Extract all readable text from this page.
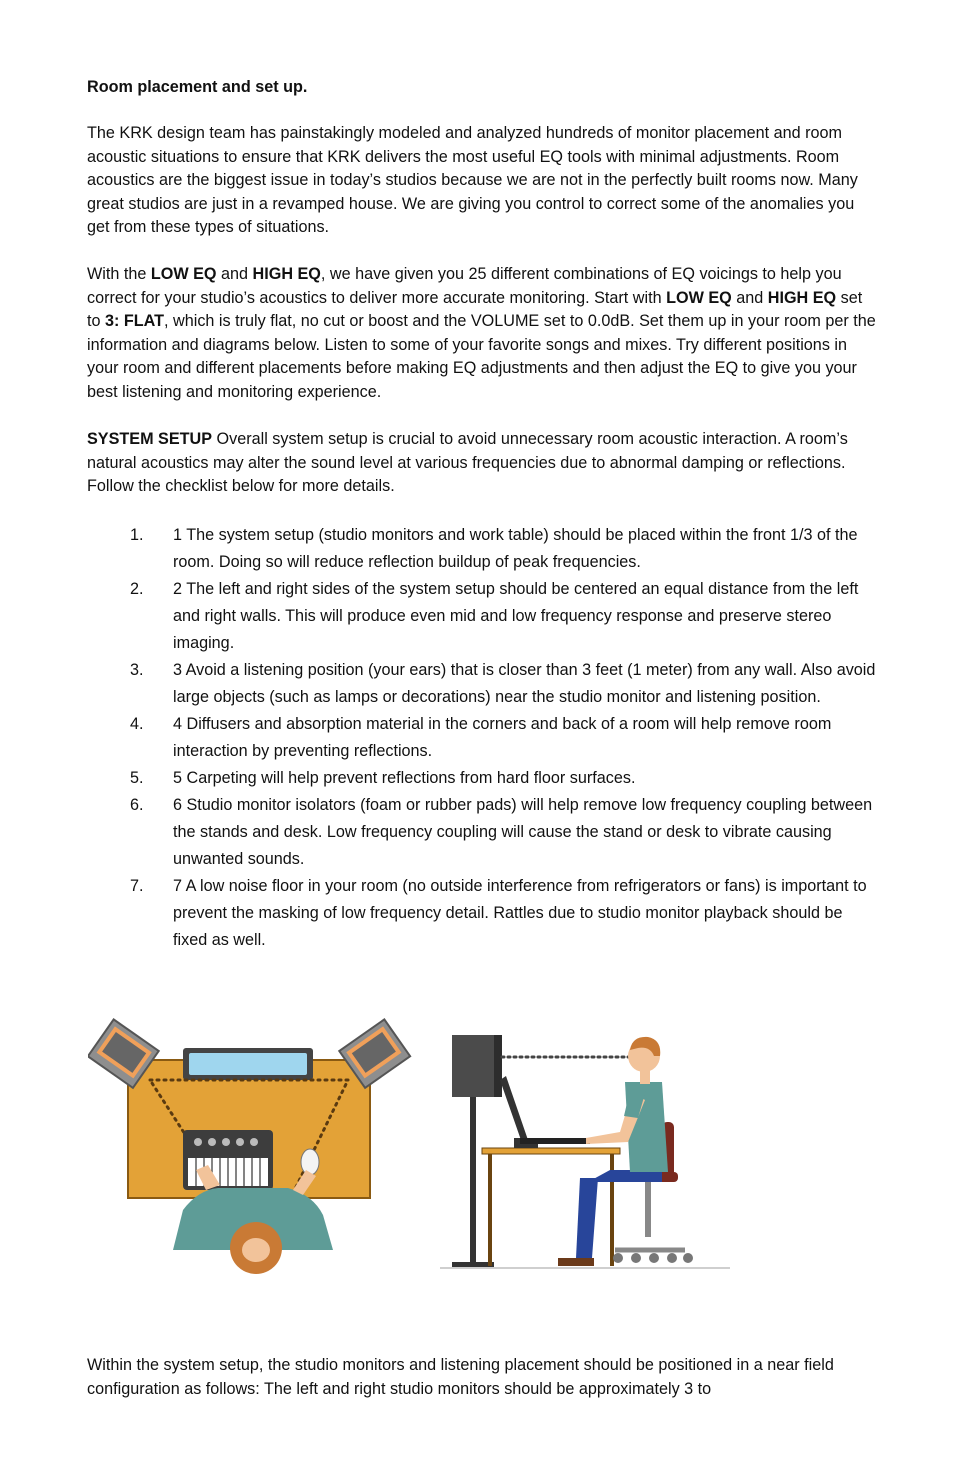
Room placement and set up.
The KRK design team has painstakingly modeled and analyzed hundreds of monitor placement and room acoustic situations to ensure that KRK delivers the most useful EQ tools with minimal adjustments. Room acoustics are the biggest issue in today’s studios because we are not in the perfectly built rooms now. Many great studios are just in a revamped house. We are giving you control to correct some of the anomalies you get from these types of situations.
With the LOW EQ and HIGH EQ, we have given you 25 different combinations of EQ voicings to help you correct for your studio’s acoustics to deliver more accurate monitoring. Start with LOW EQ and HIGH EQ set to 3: FLAT, which is truly flat, no cut or boost and the VOLUME set to 0.0dB. Set them up in your room per the information and diagrams below. Listen to some of your favorite songs and mixes. Try different positions in your room and different placements before making EQ adjustments and then adjust the EQ to give you your best listening and monitoring experience.
SYSTEM SETUP Overall system setup is crucial to avoid unnecessary room acoustic interaction. A room’s natural acoustics may alter the sound level at various frequencies due to abnormal damping or reflections. Follow the checklist below for more details.
1. 1 The system setup (studio monitors and work table) should be placed within the front 1/3 of the room. Doing so will reduce reflection buildup of peak frequencies.
2. 2 The left and right sides of the system setup should be centered an equal distance from the left and right walls. This will produce even mid and low frequency response and preserve stereo imaging.
3. 3 Avoid a listening position (your ears) that is closer than 3 feet (1 meter) from any wall. Also avoid large objects (such as lamps or decorations) near the studio monitor and listening position.
4. 4 Diffusers and absorption material in the corners and back of a room will help remove room interaction by preventing reflections.
5. 5 Carpeting will help prevent reflections from hard floor surfaces.
6. 6 Studio monitor isolators (foam or rubber pads) will help remove low frequency coupling between the stands and desk. Low frequency coupling will cause the stand or desk to vibrate causing unwanted sounds.
7. 7 A low noise floor in your room (no outside interference from refrigerators or fans) is important to prevent the masking of low frequency detail. Rattles due to studio monitor playback should be fixed as well.
Within the system setup, the studio monitors and listening placement should be positioned in a near field configuration as follows: The left and right studio monitors should be approximately 3 to
